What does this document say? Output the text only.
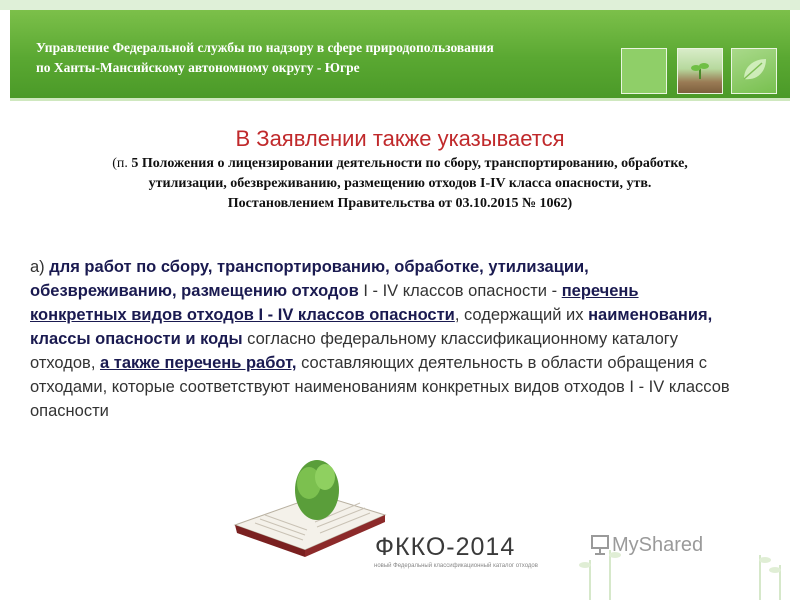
Управление Федеральной службы по надзору в сфере природопользования
по Ханты-Мансийскому автономному округу - Югре
В Заявлении также указывается
(п. 5 Положения о лицензировании деятельности по сбору, транспортированию, обработке, утилизации, обезвреживанию, размещению отходов I-IV класса опасности, утв. Постановлением Правительства от 03.10.2015 № 1062)
а) для работ по сбору, транспортированию, обработке, утилизации, обезвреживанию, размещению отходов I - IV классов опасности - перечень конкретных видов отходов I - IV классов опасности, содержащий их наименования, классы опасности и коды согласно федеральному классификационному каталогу отходов, а также перечень работ, составляющих деятельность в области обращения с отходами, которые соответствуют наименованиям конкретных видов отходов I - IV классов опасности
ФККО-2014
новый Федеральный классификационный каталог отходов
MyShared
